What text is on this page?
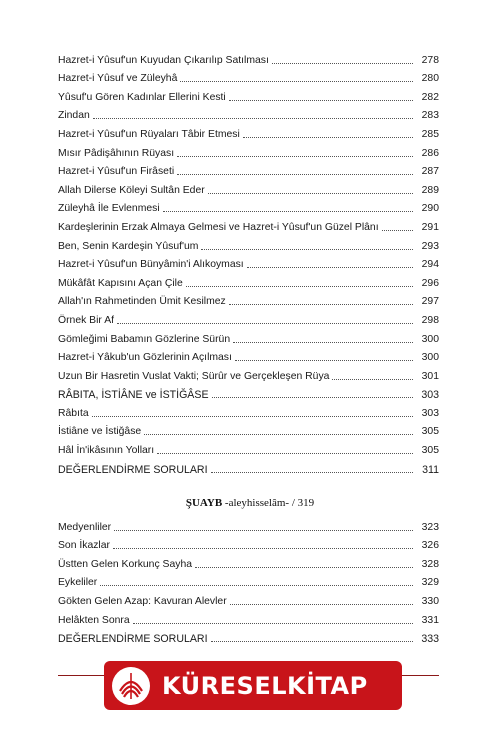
Hazret-i Yûsuf'un Kuyudan Çıkarılıp Satılması	278
Hazret-i Yûsuf ve Züleyhâ	280
Yûsuf'u Gören Kadınlar Ellerini Kesti	282
Zindan	283
Hazret-i Yûsuf'un Rüyaları Tâbir Etmesi	285
Mısır Pâdişâhının Rüyası	286
Hazret-i Yûsuf'un Firâseti	287
Allah Dilerse Köleyi Sultân Eder	289
Züleyhâ İle Evlenmesi	290
Kardeşlerinin Erzak Almaya Gelmesi ve Hazret-i Yûsuf'un Güzel Plânı	291
Ben, Senin Kardeşin Yûsuf'um	293
Hazret-i Yûsuf'un Bünyâmin'i Alıkoyması	294
Mükâfât Kapısını Açan Çile	296
Allah'ın Rahmetinden Ümit Kesilmez	297
Örnek Bir Af	298
Gömleğimi Babamın Gözlerine Sürün	300
Hazret-i Yâkub'un Gözlerinin Açılması	300
Uzun Bir Hasretin Vuslat Vakti; Sürûr ve Gerçekleşen Rüya	301
RÂBITA, İSTİÂNE ve İSTİĞÂSE	303
Râbıta	303
İstiâne ve İstiğâse	305
Hâl İn'ikâsının Yolları	305
DEĞERLENDİRME SORULARI	311
ŞUAYB -aleyhisselâm- / 319
Medyenliler	323
Son İkazlar	326
Üstten Gelen Korkunç Sayha	328
Eykeliler	329
Gökten Gelen Azap: Kavuran Alevler	330
Helâkten Sonra	331
DEĞERLENDİRME SORULARI	333
KÜRESELKİTAP
